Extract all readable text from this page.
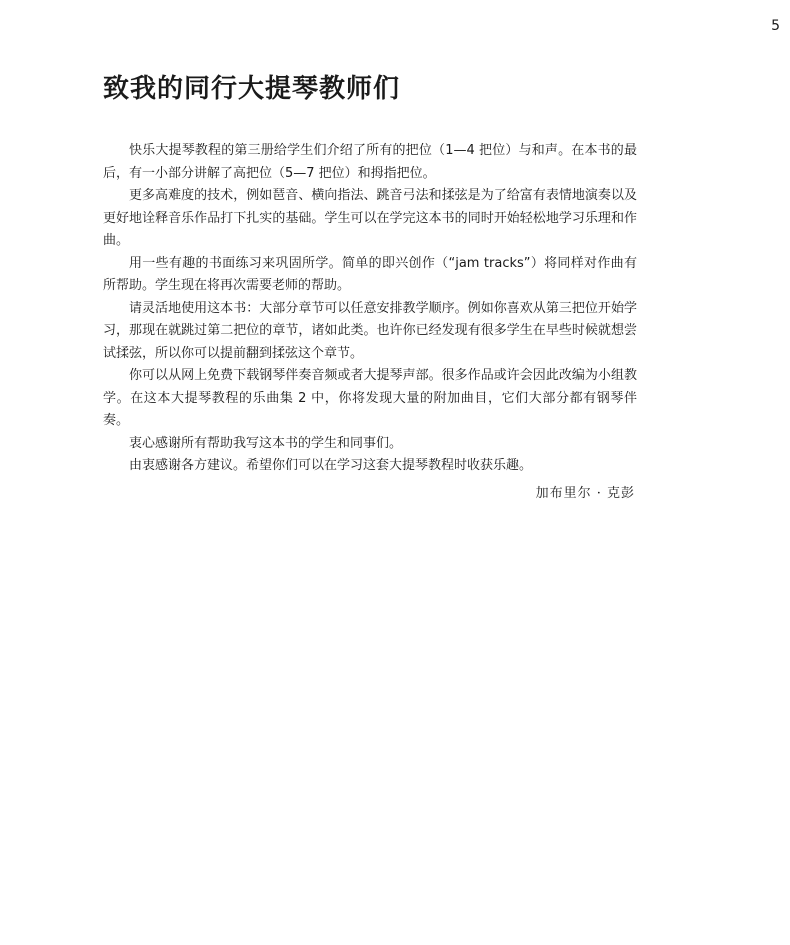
5
致我的同行大提琴教师们

快乐大提琴教程的第三册给学生们介绍了所有的把位（1—4 把位）与和声。在本书的最后，有一小部分讲解了高把位（5—7 把位）和拇指把位。

更多高难度的技术，例如琶音、横向指法、跳音弓法和揉弦是为了给富有表情地演奏以及更好地诠释音乐作品打下扎实的基础。学生可以在学完这本书的同时开始轻松地学习乐理和作曲。

用一些有趣的书面练习来巩固所学。简单的即兴创作（“jam tracks”）将同样对作曲有所帮助。学生现在将再次需要老师的帮助。

请灵活地使用这本书：大部分章节可以任意安排教学顺序。例如你喜欢从第三把位开始学习，那现在就跳过第二把位的章节，诸如此类。也许你已经发现有很多学生在早些时候就想尝试揉弦，所以你可以提前翻到揉弦这个章节。

你可以从网上免费下载钢琴伴奏音频或者大提琴声部。很多作品或许会因此改编为小组教学。在这本大提琴教程的乐曲集 2 中，你将发现大量的附加曲目，它们大部分都有钢琴伴奏。

衷心感谢所有帮助我写这本书的学生和同事们。

由衷感谢各方建议。希望你们可以在学习这套大提琴教程时收获乐趣。

加布里尔 · 克彭
